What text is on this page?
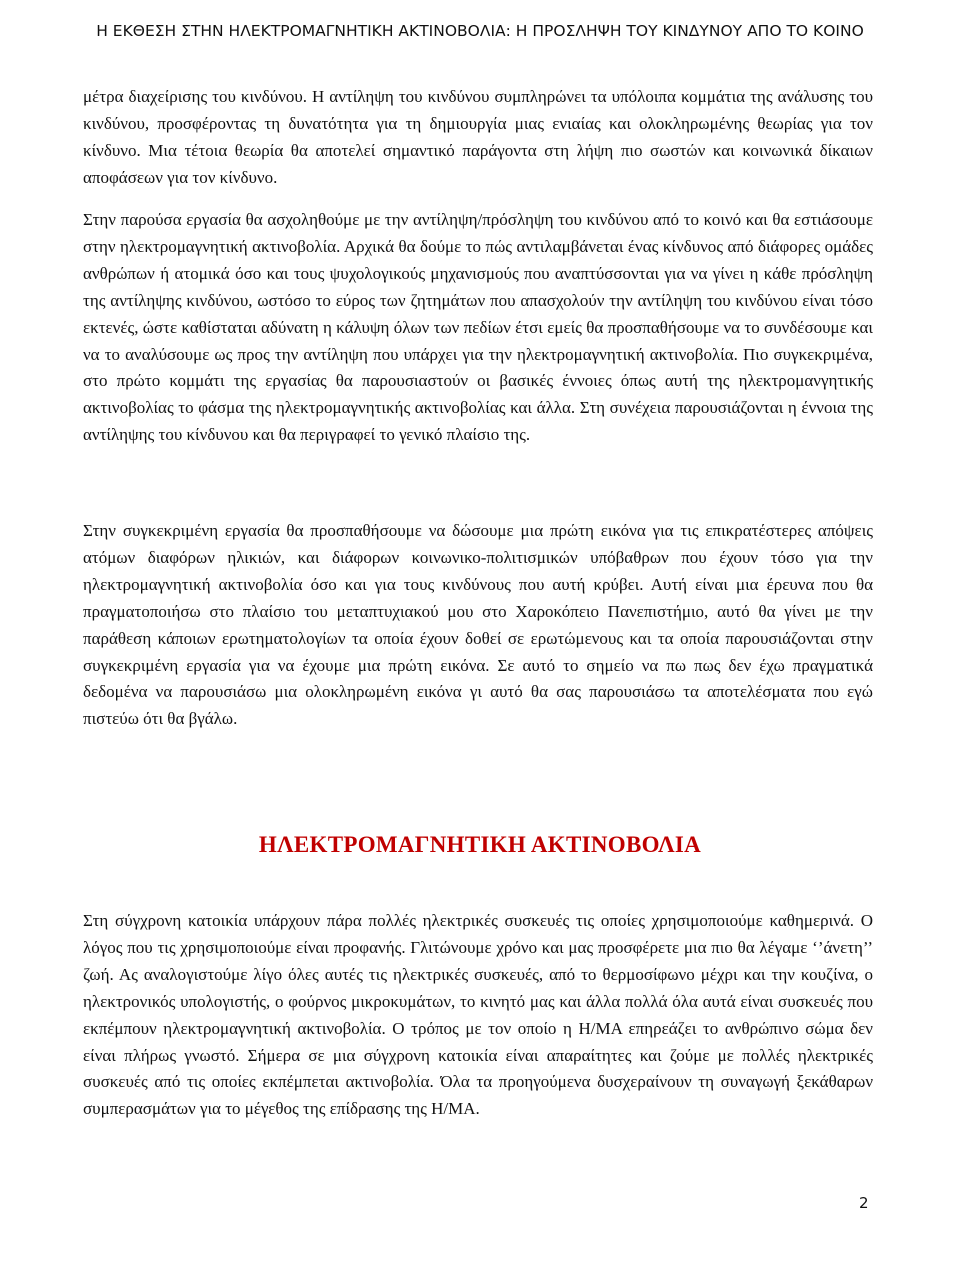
Η ΕΚΘΕΣΗ ΣΤΗΝ ΗΛΕΚΤΡΟΜΑΓΝΗΤΙΚΗ ΑΚΤΙΝΟΒΟΛΙΑ: Η ΠΡΟΣΛΗΨΗ ΤΟΥ ΚΙΝΔΥΝΟΥ ΑΠΟ ΤΟ ΚΟΙΝΟ

μέτρα διαχείρισης του κινδύνου. Η αντίληψη του κινδύνου συμπληρώνει τα υπόλοιπα κομμάτια της ανάλυσης του κινδύνου, προσφέροντας τη δυνατότητα για τη δημιουργία μιας ενιαίας και ολοκληρωμένης θεωρίας για τον κίνδυνο. Μια τέτοια θεωρία θα αποτελεί σημαντικό παράγοντα στη λήψη πιο σωστών και κοινωνικά δίκαιων αποφάσεων για τον κίνδυνο.

Στην παρούσα εργασία θα ασχοληθούμε με την αντίληψη/πρόσληψη του κινδύνου από το κοινό και θα εστιάσουμε στην ηλεκτρομαγνητική ακτινοβολία. Αρχικά θα δούμε το πώς αντιλαμβάνεται ένας κίνδυνος από διάφορες ομάδες ανθρώπων ή ατομικά όσο και τους ψυχολογικούς μηχανισμούς που αναπτύσσονται για να γίνει η κάθε πρόσληψη της αντίληψης κινδύνου, ωστόσο το εύρος των ζητημάτων που απασχολούν την αντίληψη του κινδύνου είναι τόσο εκτενές, ώστε καθίσταται αδύνατη η κάλυψη όλων των πεδίων έτσι εμείς θα προσπαθήσουμε να το συνδέσουμε και να το αναλύσουμε ως προς την αντίληψη που υπάρχει για την ηλεκτρομαγνητική ακτινοβολία. Πιο συγκεκριμένα, στο πρώτο κομμάτι της εργασίας θα παρουσιαστούν οι βασικές έννοιες όπως αυτή της ηλεκτρομανγητικής ακτινοβολίας το φάσμα της ηλεκτρομαγνητικής ακτινοβολίας και άλλα. Στη συνέχεια παρουσιάζονται η έννοια της αντίληψης του κίνδυνου και θα περιγραφεί το γενικό πλαίσιο της.

Στην συγκεκριμένη εργασία θα προσπαθήσουμε να δώσουμε μια πρώτη εικόνα για τις επικρατέστερες απόψεις ατόμων διαφόρων ηλικιών, και διάφορων κοινωνικο-πολιτισμικών υπόβαθρων που έχουν τόσο για την ηλεκτρομαγνητική ακτινοβολία όσο και για τους κινδύνους που αυτή κρύβει. Αυτή είναι μια έρευνα που θα πραγματοποιήσω στο πλαίσιο του μεταπτυχιακού μου στο Χαροκόπειο Πανεπιστήμιο, αυτό θα γίνει με την παράθεση κάποιων ερωτηματολογίων τα οποία έχουν δοθεί σε ερωτώμενους και τα οποία παρουσιάζονται στην συγκεκριμένη εργασία για να έχουμε μια πρώτη εικόνα. Σε αυτό το σημείο να πω πως δεν έχω πραγματικά δεδομένα να παρουσιάσω μια ολοκληρωμένη εικόνα γι αυτό θα σας παρουσιάσω τα αποτελέσματα που εγώ πιστεύω ότι θα βγάλω.

ΗΛΕΚΤΡΟΜΑΓΝΗΤΙΚΗ ΑΚΤΙΝΟΒΟΛΙΑ

Στη σύγχρονη κατοικία υπάρχουν πάρα πολλές ηλεκτρικές συσκευές τις οποίες χρησιμοποιούμε καθημερινά. Ο λόγος που τις χρησιμοποιούμε είναι προφανής. Γλιτώνουμε χρόνο και μας προσφέρετε μια πιο θα λέγαμε ‘’άνετη’’ ζωή. Ας αναλογιστούμε λίγο όλες αυτές τις ηλεκτρικές συσκευές, από το θερμοσίφωνο μέχρι και την κουζίνα, ο ηλεκτρονικός υπολογιστής, ο φούρνος μικροκυμάτων, το κινητό μας και άλλα πολλά όλα αυτά είναι συσκευές που εκπέμπουν ηλεκτρομαγνητική ακτινοβολία. Ο τρόπος με τον οποίο η Η/ΜΑ επηρεάζει το ανθρώπινο σώμα δεν είναι πλήρως γνωστό. Σήμερα σε μια σύγχρονη κατοικία είναι απαραίτητες και ζούμε με πολλές ηλεκτρικές συσκευές από τις οποίες εκπέμπεται ακτινοβολία. Όλα τα προηγούμενα δυσχεραίνουν τη συναγωγή ξεκάθαρων συμπερασμάτων για το μέγεθος της επίδρασης της Η/ΜΑ.

2
